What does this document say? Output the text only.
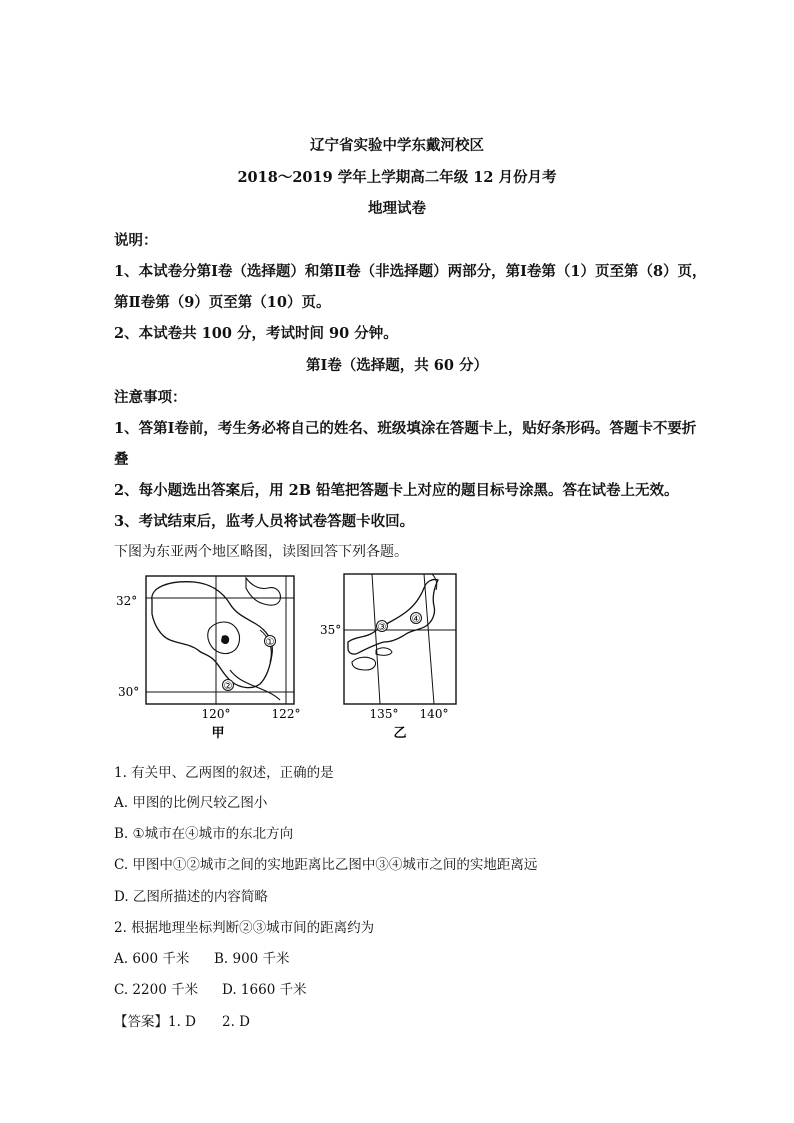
辽宁省实验中学东戴河校区
2018～2019 学年上学期高二年级 12 月份月考
地理试卷
说明：
1、本试卷分第Ⅰ卷（选择题）和第Ⅱ卷（非选择题）两部分，第Ⅰ卷第（1）页至第（8）页，
第Ⅱ卷第（9）页至第（10）页。
2、本试卷共 100 分，考试时间 90 分钟。
第Ⅰ卷（选择题，共 60 分）
注意事项：
1、答第Ⅰ卷前，考生务必将自己的姓名、班级填涂在答题卡上，贴好条形码。答题卡不要折
叠
2、每小题选出答案后，用 2B 铅笔把答题卡上对应的题目标号涂黑。答在试卷上无效。
3、考试结束后，监考人员将试卷答题卡收回。
下图为东亚两个地区略图，读图回答下列各题。
①
②
32°
30°
120°	122°
甲
③
④
35°
135° 140°
乙
1. 有关甲、乙两图的叙述，正确的是
A. 甲图的比例尺较乙图小
B. ①城市在④城市的东北方向
C. 甲图中①②城市之间的实地距离比乙图中③④城市之间的实地距离远
D. 乙图所描述的内容简略
2. 根据地理坐标判断②③城市间的距离约为
A. 600 千米 B. 900 千米
C. 2200 千米 D. 1660 千米
【答案】1. D 2. D
